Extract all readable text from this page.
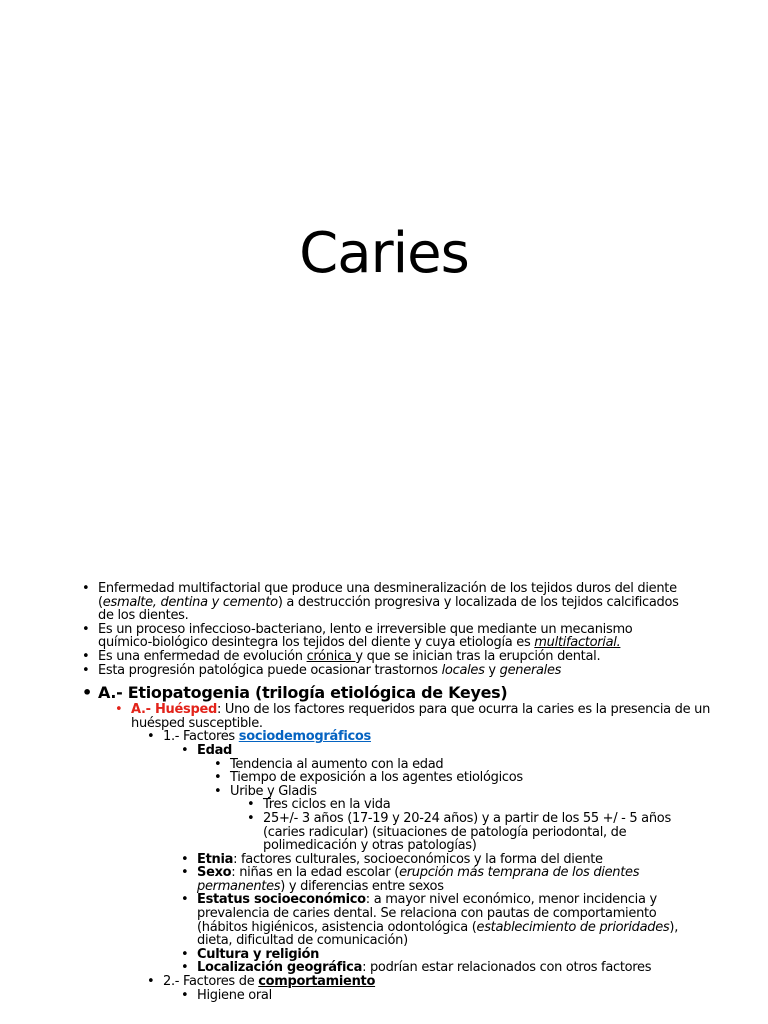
Caries
• Enfermedad multifactorial que produce una desmineralización de los tejidos duros del diente (esmalte, dentina y cemento) a destrucción progresiva y localizada de los tejidos calcificados de los dientes.
• Es un proceso infeccioso-bacteriano, lento e irreversible que mediante un mecanismo químico-biológico desintegra los tejidos del diente y cuya etiología es multifactorial.
• Es una enfermedad de evolución crónica y que se inician tras la erupción dental.
• Esta progresión patológica puede ocasionar trastornos locales y generales
• A.- Etiopatogenia (trilogía etiológica de Keyes)
• A.- Huésped: Uno de los factores requeridos para que ocurra la caries es la presencia de un huésped susceptible.
• 1.- Factores sociodemográficos
• Edad
• Tendencia al aumento con la edad
• Tiempo de exposición a los agentes etiológicos
• Uribe y Gladis
• Tres ciclos en la vida
• 25+/- 3 años (17-19 y 20-24 años) y a partir de los 55 +/ - 5 años (caries radicular) (situaciones de patología periodontal, de polimedicación y otras patologías)
• Etnia: factores culturales, socioeconómicos y la forma del diente
• Sexo: niñas en la edad escolar (erupción más temprana de los dientes permanentes) y diferencias entre sexos
• Estatus socioeconómico: a mayor nivel económico, menor incidencia y prevalencia de caries dental. Se relaciona con pautas de comportamiento (hábitos higiénicos, asistencia odontológica (establecimiento de prioridades), dieta, dificultad de comunicación)
• Cultura y religión
• Localización geográfica: podrían estar relacionados con otros factores
• 2.- Factores de comportamiento
• Higiene oral
